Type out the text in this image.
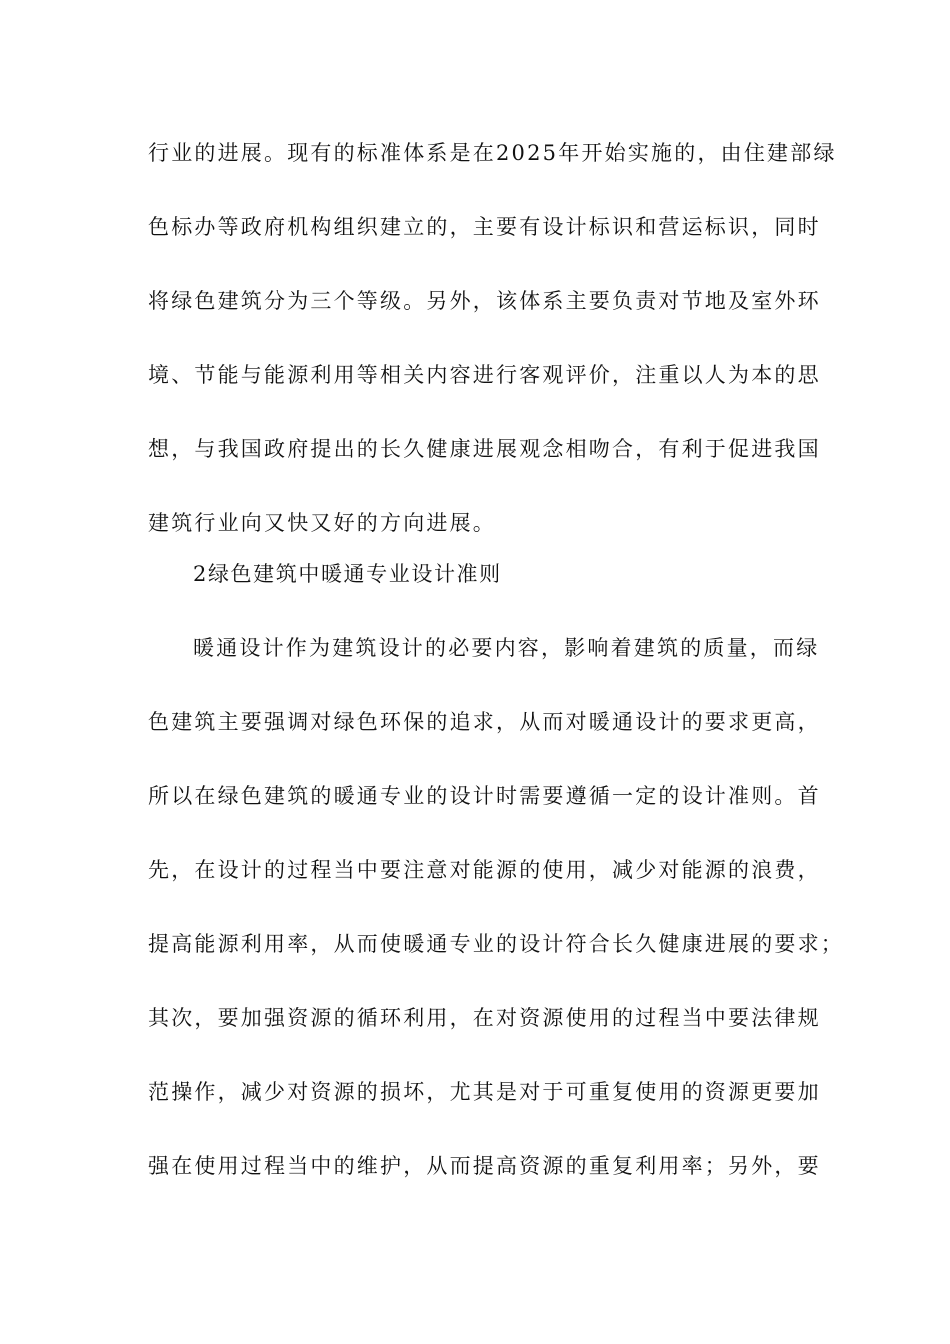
行业的进展。现有的标准体系是在2025年开始实施的，由住建部绿
色标办等政府机构组织建立的，主要有设计标识和营运标识，同时
将绿色建筑分为三个等级。另外，该体系主要负责对节地及室外环
境、节能与能源利用等相关内容进行客观评价，注重以人为本的思
想，与我国政府提出的长久健康进展观念相吻合，有利于促进我国
建筑行业向又快又好的方向进展。
2绿色建筑中暖通专业设计准则
暖通设计作为建筑设计的必要内容，影响着建筑的质量，而绿
色建筑主要强调对绿色环保的追求，从而对暖通设计的要求更高，
所以在绿色建筑的暖通专业的设计时需要遵循一定的设计准则。首
先，在设计的过程当中要注意对能源的使用，减少对能源的浪费，
提高能源利用率，从而使暖通专业的设计符合长久健康进展的要求；
其次，要加强资源的循环利用，在对资源使用的过程当中要法律规
范操作，减少对资源的损坏，尤其是对于可重复使用的资源更要加
强在使用过程当中的维护，从而提高资源的重复利用率；另外，要
